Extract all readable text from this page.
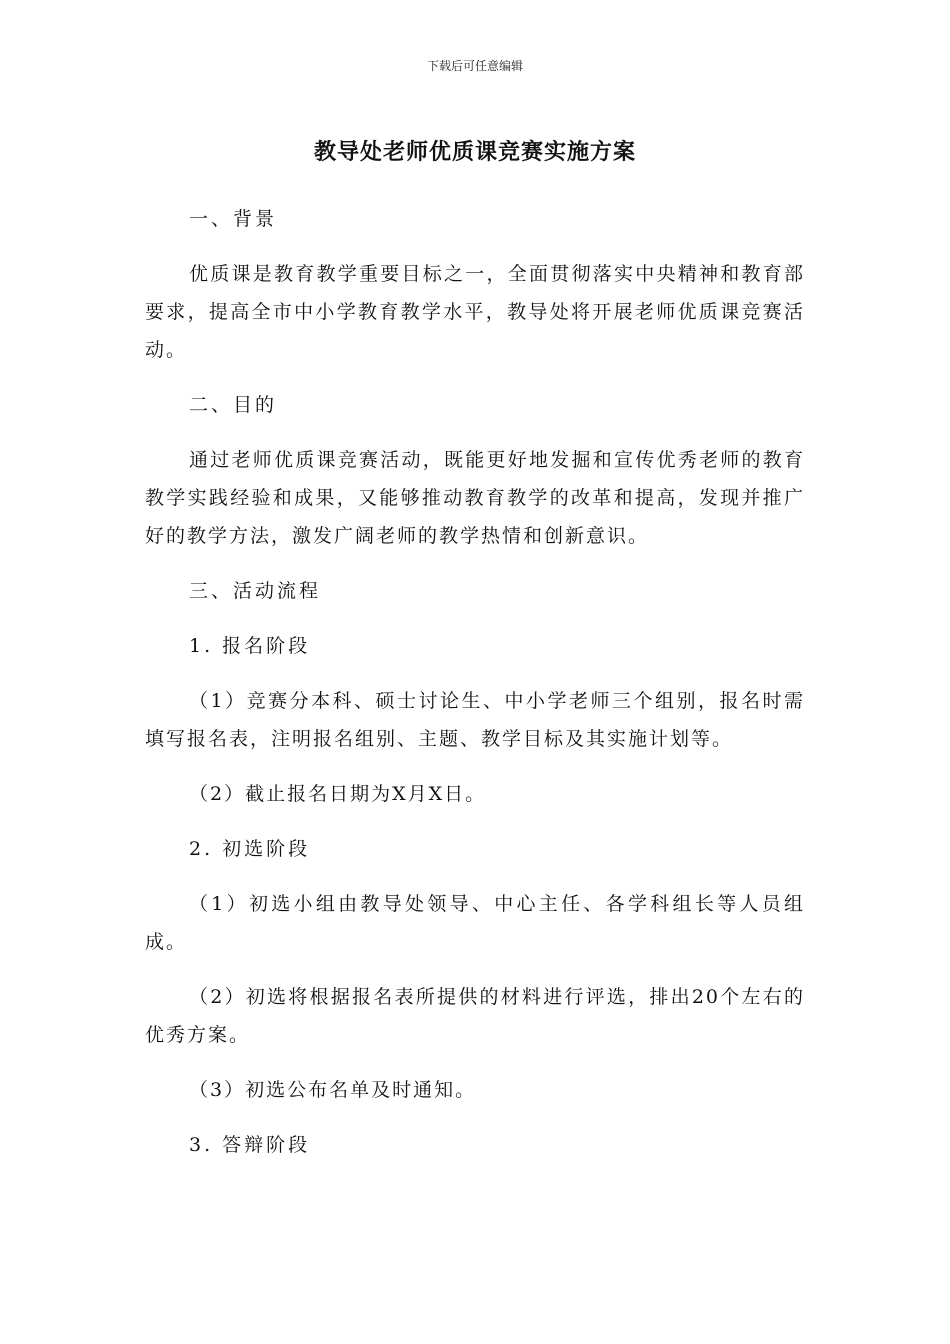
下载后可任意编辑
教导处老师优质课竞赛实施方案

一、背景

优质课是教育教学重要目标之一，全面贯彻落实中央精神和教育部要求，提高全市中小学教育教学水平，教导处将开展老师优质课竞赛活动。

二、目的

通过老师优质课竞赛活动，既能更好地发掘和宣传优秀老师的教育教学实践经验和成果，又能够推动教育教学的改革和提高，发现并推广好的教学方法，激发广阔老师的教学热情和创新意识。

三、活动流程

1. 报名阶段

（1）竞赛分本科、硕士讨论生、中小学老师三个组别，报名时需填写报名表，注明报名组别、主题、教学目标及其实施计划等。

（2）截止报名日期为X月X日。

2. 初选阶段

（1）初选小组由教导处领导、中心主任、各学科组长等人员组成。

（2）初选将根据报名表所提供的材料进行评选，排出20个左右的优秀方案。

（3）初选公布名单及时通知。

3. 答辩阶段
